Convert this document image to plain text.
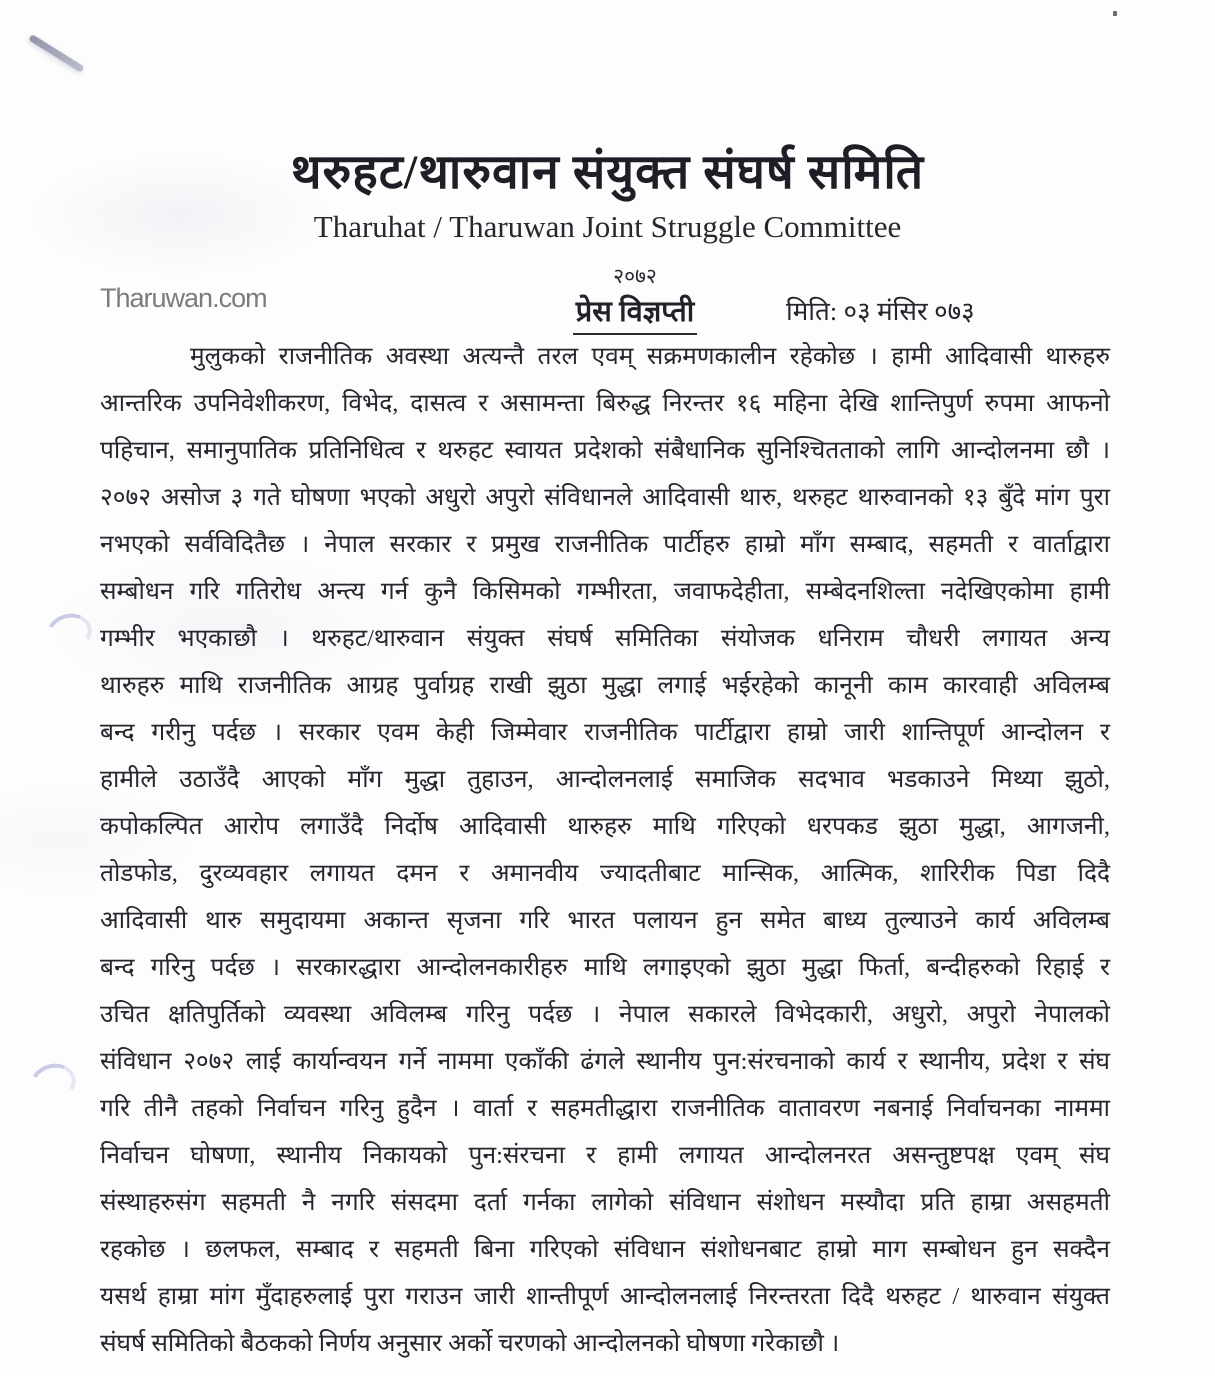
थरुहट/थारुवान संयुक्त संघर्ष समिति
Tharuhat / Tharuwan Joint Struggle Committee
Tharuwan.com
२०७२
प्रेस विज्ञप्ती	मिति: ०३ मंसिर ०७३
मुलुकको राजनीतिक अवस्था अत्यन्तै तरल एवम् सक्रमणकालीन रहेकोछ । हामी आदिवासी थारुहरु
आन्तरिक उपनिवेशीकरण, विभेद, दासत्व र असामन्ता बिरुद्ध निरन्तर १६ महिना देखि शान्तिपुर्ण रुपमा आफनो
पहिचान, समानुपातिक प्रतिनिधित्व र थरुहट स्वायत प्रदेशको संबैधानिक सुनिश्चितताको लागि आन्दोलनमा छौ ।
२०७२ असोज ३ गते घोषणा भएको अधुरो अपुरो संविधानले आदिवासी थारु, थरुहट थारुवानको १३ बुँदे मांग पुरा
नभएको सर्वविदितैछ । नेपाल सरकार र प्रमुख राजनीतिक पार्टीहरु हाम्रो माँग सम्बाद, सहमती र वार्ताद्वारा
सम्बोधन गरि गतिरोध अन्त्य गर्न कुनै किसिमको गम्भीरता, जवाफदेहीता, सम्बेदनशिल्ता नदेखिएकोमा हामी
गम्भीर भएकाछौ । थरुहट/थारुवान संयुक्त संघर्ष समितिका संयोजक धनिराम चौधरी लगायत अन्य
थारुहरु माथि राजनीतिक आग्रह पुर्वाग्रह राखी झुठा मुद्धा लगाई भईरहेको कानूनी काम कारवाही अविलम्ब
बन्द गरीनु पर्दछ । सरकार एवम केही जिम्मेवार राजनीतिक पार्टीद्वारा हाम्रो जारी शान्तिपूर्ण आन्दोलन र
हामीले उठाउँदै आएको माँग मुद्धा तुहाउन, आन्दोलनलाई समाजिक सदभाव भडकाउने मिथ्या झुठो,
कपोकल्पित आरोप लगाउँदै निर्दोष आदिवासी थारुहरु माथि गरिएको धरपकड झुठा मुद्धा, आगजनी,
तोडफोड, दुरव्यवहार लगायत दमन र अमानवीय ज्यादतीबाट मान्सिक, आत्मिक, शारिरीक पिडा दिदै
आदिवासी थारु समुदायमा अकान्त सृजना गरि भारत पलायन हुन समेत बाध्य तुल्याउने कार्य अविलम्ब
बन्द गरिनु पर्दछ । सरकारद्धारा आन्दोलनकारीहरु माथि लगाइएको झुठा मुद्धा फिर्ता, बन्दीहरुको रिहाई र
उचित क्षतिपुर्तिको व्यवस्था अविलम्ब गरिनु पर्दछ । नेपाल सकारले विभेदकारी, अधुरो, अपुरो नेपालको
संविधान २०७२ लाई कार्यान्वयन गर्ने नाममा एकाँकी ढंगले स्थानीय पुन:संरचनाको कार्य र स्थानीय, प्रदेश र संघ
गरि तीनै तहको निर्वाचन गरिनु हुदैन । वार्ता र सहमतीद्धारा राजनीतिक वातावरण नबनाई निर्वाचनका नाममा
निर्वाचन घोषणा, स्थानीय निकायको पुन:संरचना र हामी लगायत आन्दोलनरत असन्तुष्टपक्ष एवम् संघ
संस्थाहरुसंग सहमती नै नगरि संसदमा दर्ता गर्नका लागेको संविधान संशोधन मस्यौदा प्रति हाम्रा असहमती
रहकोछ । छलफल, सम्बाद र सहमती बिना गरिएको संविधान संशोधनबाट हाम्रो माग सम्बोधन हुन सक्दैन
यसर्थ हाम्रा मांग मुँदाहरुलाई पुरा गराउन जारी शान्तीपूर्ण आन्दोलनलाई निरन्तरता दिदै थरुहट / थारुवान संयुक्त
संघर्ष समितिको बैठकको निर्णय अनुसार अर्को चरणको आन्दोलनको घोषणा गरेकाछौ ।
